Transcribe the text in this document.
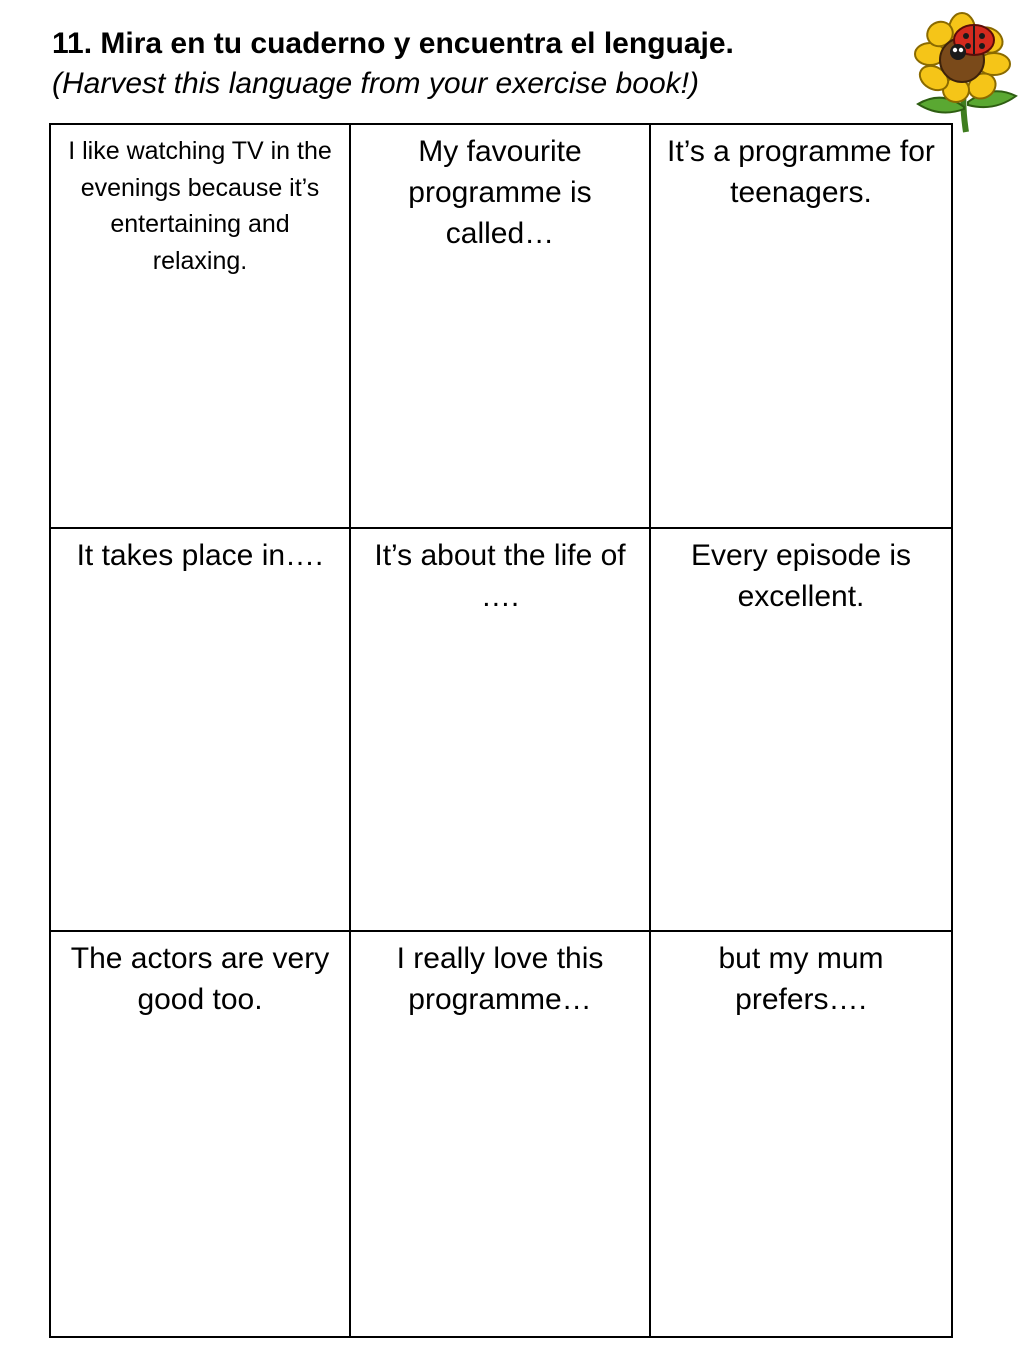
11. Mira en tu cuaderno y encuentra el lenguaje.

(Harvest this language from your exercise book!)

I like watching TV in the evenings because it’s entertaining and relaxing.
My favourite programme is called…
It’s a programme for teenagers.
It takes place in….	It’s about the life of ….
Every episode is excellent.
The actors are very good too.
I really love this programme…
but my mum prefers….
